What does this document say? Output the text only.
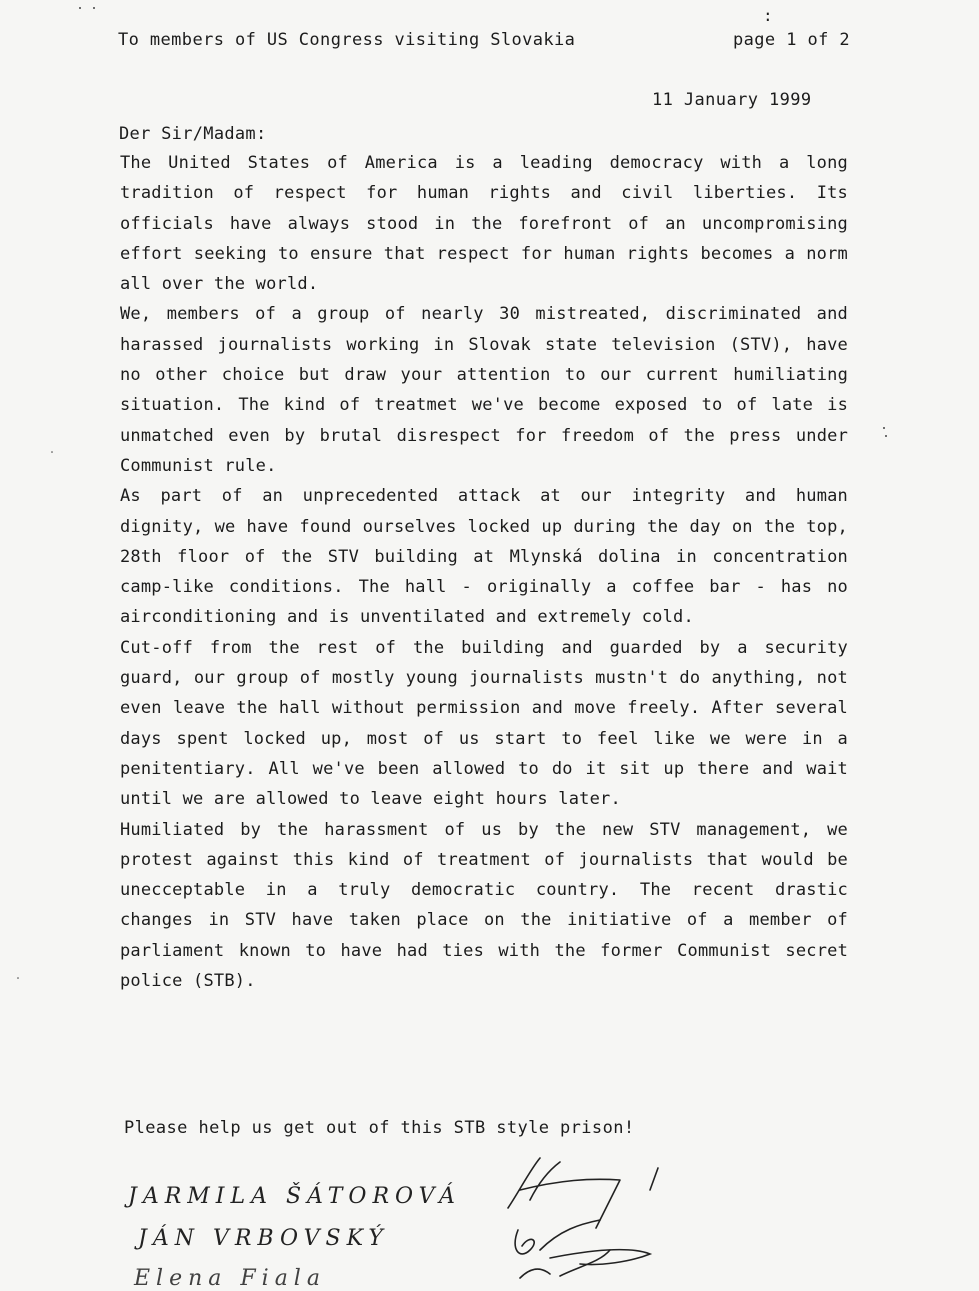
:
To members of US Congress visiting Slovakia	page 1 of 2
11 January 1999
Der Sir/Madam:

The United States of America is a leading democracy with a long tradition of respect for human rights and civil liberties. Its officials have always stood in the forefront of an uncompromising effort seeking to ensure that respect for human rights becomes a norm all over the world.

We, members of a group of nearly 30 mistreated, discriminated and harassed journalists working in Slovak state television (STV), have no other choice but draw your attention to our current humiliating situation. The kind of treatmet we've become exposed to of late is unmatched even by brutal disrespect for freedom of the press under Communist rule.

As part of an unprecedented attack at our integrity and human dignity, we have found ourselves locked up during the day on the top, 28th floor of the STV building at Mlynská dolina in concentration camp-like conditions. The hall - originally a coffee bar - has no airconditioning and is unventilated and extremely cold.

Cut-off from the rest of the building and guarded by a security guard, our group of mostly young journalists mustn't do anything, not even leave the hall without permission and move freely. After several days spent locked up, most of us start to feel like we were in a penitentiary. All we've been allowed to do it sit up there and wait until we are allowed to leave eight hours later.

Humiliated by the harassment of us by the new STV management, we protest against this kind of treatment of journalists that would be unecceptable in a truly democratic country. The recent drastic changes in STV have taken place on the initiative of a member of parliament known to have had ties with the former Communist secret police (STB).

Please help us get out of this STB style prison!
JARMILA ŠÁTOROVÁ
JÁN VRBOVSKÝ
Elena Fiala
